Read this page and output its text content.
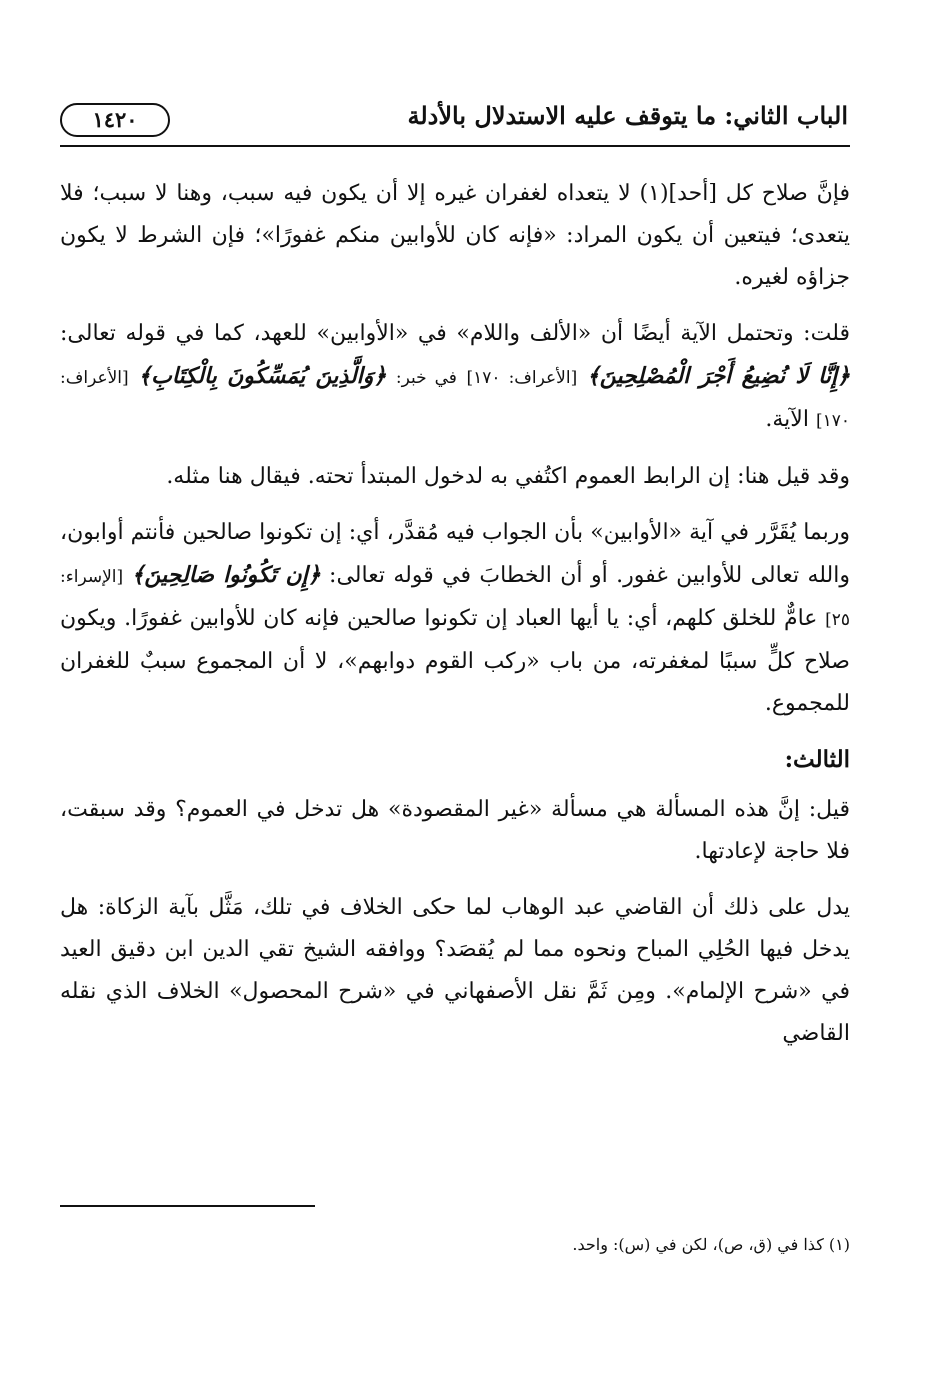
الباب الثاني: ما يتوقف عليه الاستدلال بالأدلة
١٤٢٠

فإنَّ صلاح كل [أحد](١) لا يتعداه لغفران غيره إلا أن يكون فيه سبب، وهنا لا سبب؛ فلا يتعدى؛ فيتعين أن يكون المراد: «فإنه كان للأوابين منكم غفورًا»؛ فإن الشرط لا يكون جزاؤه لغيره.

قلت: وتحتمل الآية أيضًا أن «الألف واللام» في «الأوابين» للعهد، كما في قوله تعالى: ﴿إِنَّا لَا نُضِيعُ أَجْرَ الْمُصْلِحِينَ﴾ [الأعراف: ١٧٠] في خبر: ﴿وَالَّذِينَ يُمَسِّكُونَ بِالْكِتَابِ﴾ [الأعراف: ١٧٠] الآية.

وقد قيل هنا: إن الرابط العموم اكتُفي به لدخول المبتدأ تحته. فيقال هنا مثله.

وربما يُقَرَّر في آية «الأوابين» بأن الجواب فيه مُقدَّر، أي: إن تكونوا صالحين فأنتم أوابون، والله تعالى للأوابين غفور. أو أن الخطابَ في قوله تعالى: ﴿إِن تَكُونُوا صَالِحِينَ﴾ [الإسراء: ٢٥] عامٌّ للخلق كلهم، أي: يا أيها العباد إن تكونوا صالحين فإنه كان للأوابين غفورًا. ويكون صلاح كلٍّ سببًا لمغفرته، من باب «ركب القوم دوابهم»، لا أن المجموع سببٌ للغفران للمجموع.

الثالث:

قيل: إنَّ هذه المسألة هي مسألة «غير المقصودة» هل تدخل في العموم؟ وقد سبقت، فلا حاجة لإعادتها.

يدل على ذلك أن القاضي عبد الوهاب لما حكى الخلاف في تلك، مَثَّل بآية الزكاة: هل يدخل فيها الحُلِي المباح ونحوه مما لم يُقصَد؟ ووافقه الشيخ تقي الدين ابن دقيق العيد في «شرح الإلمام». ومِن ثَمَّ نقل الأصفهاني في «شرح المحصول» الخلاف الذي نقله القاضي

(١) كذا في (ق، ص)، لكن في (س): واحد.
